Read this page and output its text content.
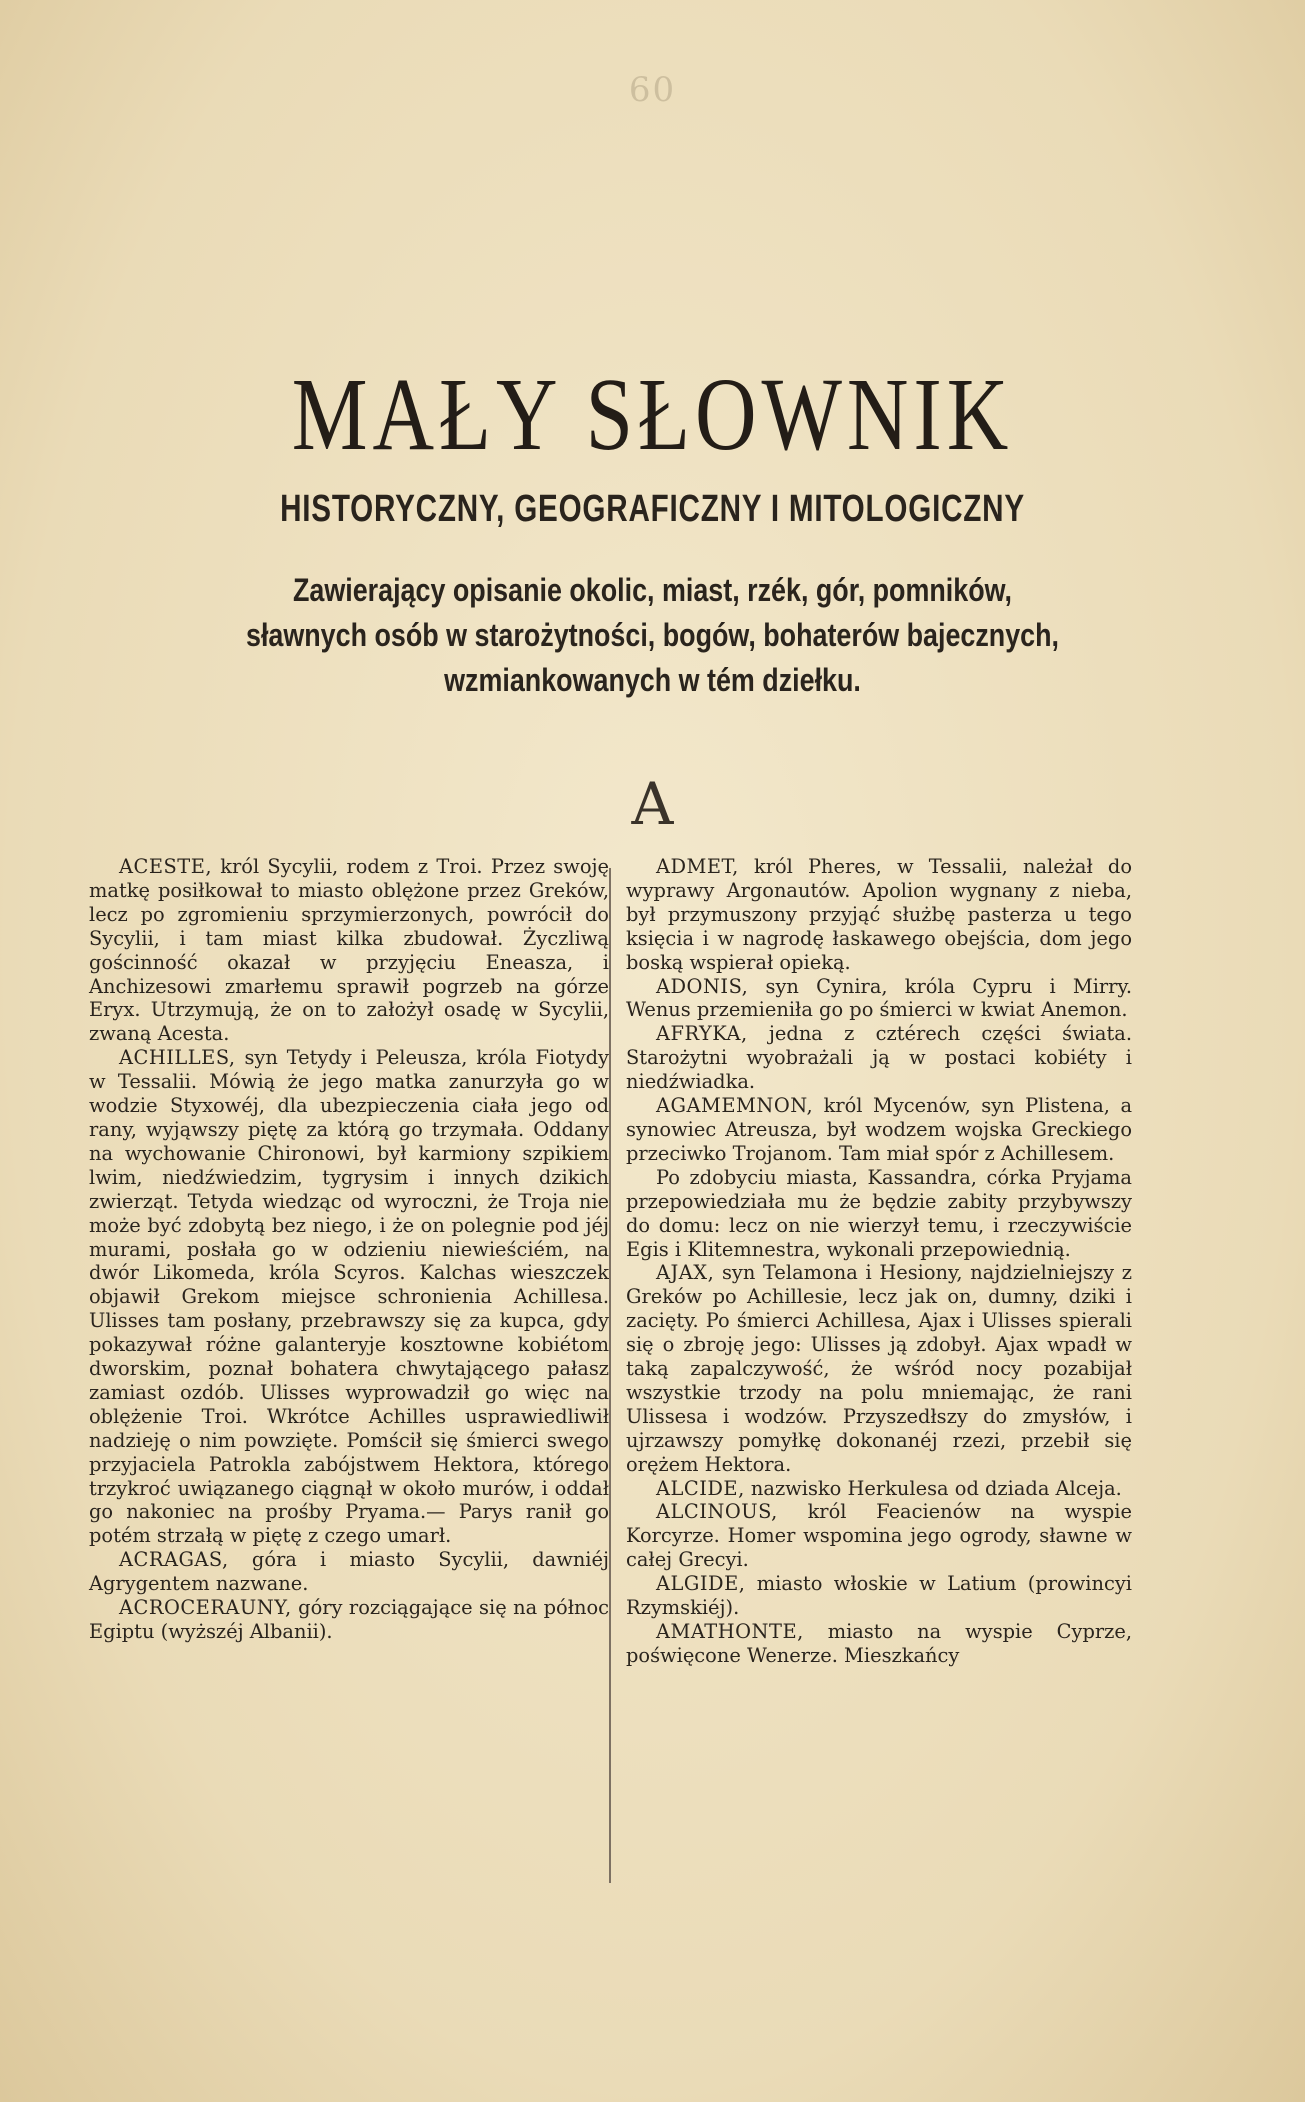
60
MAŁY SŁOWNIK
HISTORYCZNY, GEOGRAFICZNY I MITOLOGICZNY
Zawierający opisanie okolic, miast, rzék, gór, pomników, sławnych osób w starożytności, bogów, bohaterów bajecznych, wzmiankowanych w tém dziełku.
A

ACESTE, król Sycylii, rodem z Troi. Przez swoję matkę posiłkował to miasto oblężone przez Greków, lecz po zgromieniu sprzymierzonych, powrócił do Sycylii, i tam miast kilka zbudował. Życzliwą gościnność okazał w przyjęciu Eneasza, i Anchizesowi zmarłemu sprawił pogrzeb na górze Eryx. Utrzymują, że on to założył osadę w Sycylii, zwaną Acesta.

ACHILLES, syn Tetydy i Peleusza, króla Fiotydy w Tessalii. Mówią że jego matka zanurzyła go w wodzie Styxowéj, dla ubezpieczenia ciała jego od rany, wyjąwszy piętę za którą go trzymała. Oddany na wychowanie Chironowi, był karmiony szpikiem lwim, niedźwiedzim, tygrysim i innych dzikich zwierząt. Tetyda wiedząc od wyroczni, że Troja nie może być zdobytą bez niego, i że on polegnie pod jéj murami, posłała go w odzieniu niewieściém, na dwór Likomeda, króla Scyros. Kalchas wieszczek objawił Grekom miejsce schronienia Achillesa. Ulisses tam posłany, przebrawszy się za kupca, gdy pokazywał różne galanteryje kosztowne kobiétom dworskim, poznał bohatera chwytającego pałasz zamiast ozdób. Ulisses wyprowadził go więc na oblężenie Troi. Wkrótce Achilles usprawiedliwił nadzieję o nim powzięte. Pomścił się śmierci swego przyjaciela Patrokla zabójstwem Hektora, którego trzykroć uwiązanego ciągnął w około murów, i oddał go nakoniec na prośby Pryama.— Parys ranił go potém strzałą w piętę z czego umarł.

ACRAGAS, góra i miasto Sycylii, dawniéj Agrygentem nazwane.

ACROCERAUNY, góry rozciągające się na północ Egiptu (wyższéj Albanii).

ADMET, król Pheres, w Tessalii, należał do wyprawy Argonautów. Apolion wygnany z nieba, był przymuszony przyjąć służbę pasterza u tego księcia i w nagrodę łaskawego obejścia, dom jego boską wspierał opieką.

ADONIS, syn Cynira, króla Cypru i Mirry. Wenus przemieniła go po śmierci w kwiat Anemon.

AFRYKA, jedna z cztérech części świata. Starożytni wyobrażali ją w postaci kobiéty i niedźwiadka.

AGAMEMNON, król Mycenów, syn Plistena, a synowiec Atreusza, był wodzem wojska Greckiego przeciwko Trojanom. Tam miał spór z Achillesem.

Po zdobyciu miasta, Kassandra, córka Pryjama przepowiedziała mu że będzie zabity przybywszy do domu: lecz on nie wierzył temu, i rzeczywiście Egis i Klitemnestra, wykonali przepowiednią.

AJAX, syn Telamona i Hesiony, najdzielniejszy z Greków po Achillesie, lecz jak on, dumny, dziki i zacięty. Po śmierci Achillesa, Ajax i Ulisses spierali się o zbroję jego: Ulisses ją zdobył. Ajax wpadł w taką zapalczywość, że wśród nocy pozabijał wszystkie trzody na polu mniemając, że rani Ulissesa i wodzów. Przyszedłszy do zmysłów, i ujrzawszy pomyłkę dokonanéj rzezi, przebił się orężem Hektora.

ALCIDE, nazwisko Herkulesa od dziada Alceja.

ALCINOUS, król Feacienów na wyspie Korcyrze. Homer wspomina jego ogrody, sławne w całej Grecyi.

ALGIDE, miasto włoskie w Latium (prowincyi Rzymskiéj).

AMATHONTE, miasto na wyspie Cyprze, poświęcone Wenerze. Mieszkańcy
